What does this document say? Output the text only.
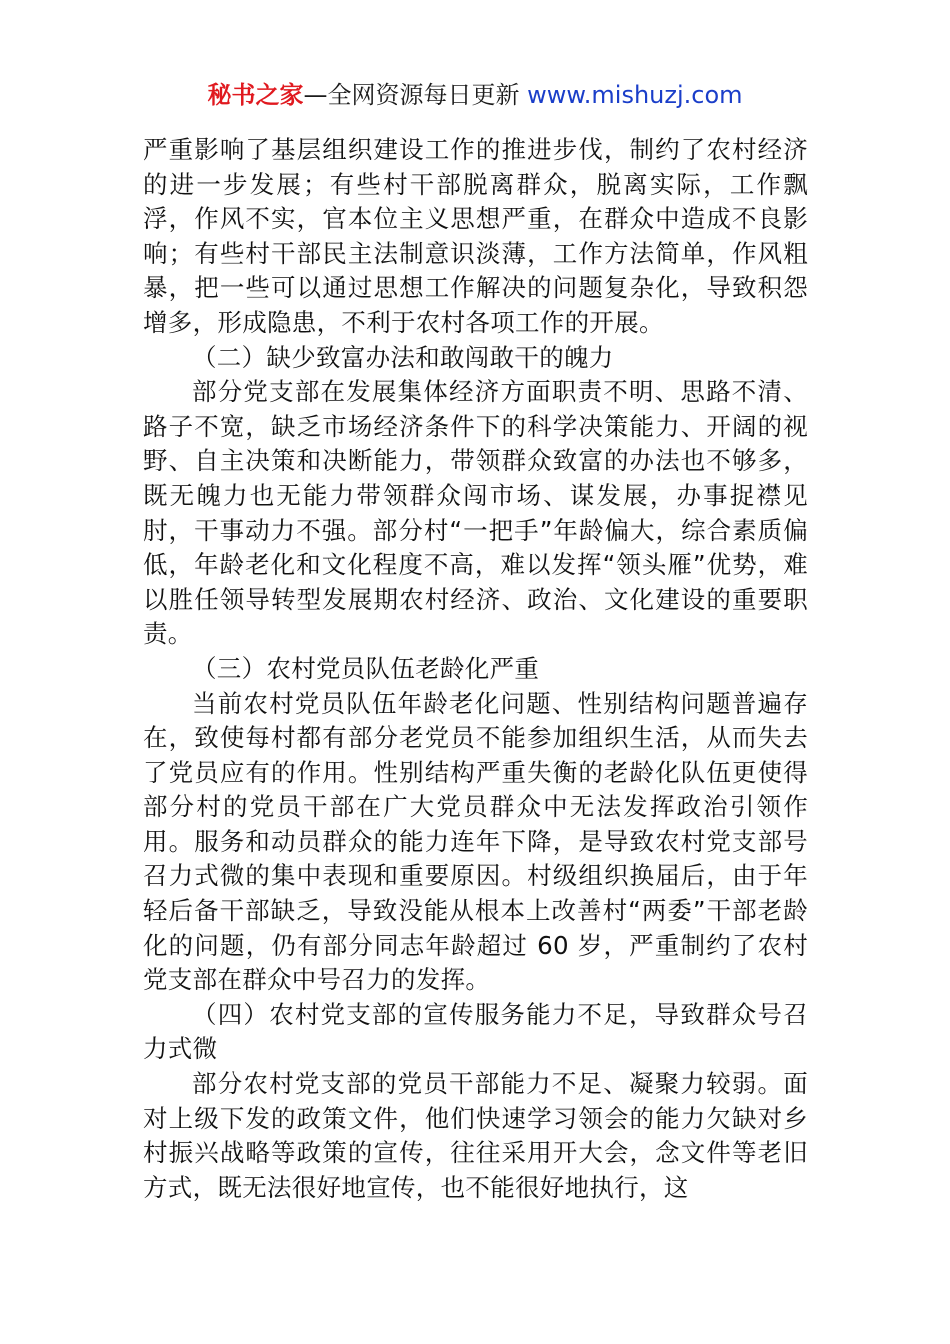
秘书之家—全网资源每日更新 www.mishuzj.com

严重影响了基层组织建设工作的推进步伐，制约了农村经济的进一步发展；有些村干部脱离群众，脱离实际，工作飘浮，作风不实，官本位主义思想严重，在群众中造成不良影响；有些村干部民主法制意识淡薄，工作方法简单，作风粗暴，把一些可以通过思想工作解决的问题复杂化，导致积怨增多，形成隐患，不利于农村各项工作的开展。

（二）缺少致富办法和敢闯敢干的魄力

部分党支部在发展集体经济方面职责不明、思路不清、路子不宽，缺乏市场经济条件下的科学决策能力、开阔的视野、自主决策和决断能力，带领群众致富的办法也不够多，既无魄力也无能力带领群众闯市场、谋发展，办事捉襟见肘，干事动力不强。部分村“一把手”年龄偏大，综合素质偏低，年龄老化和文化程度不高，难以发挥“领头雁”优势，难以胜任领导转型发展期农村经济、政治、文化建设的重要职责。

（三）农村党员队伍老龄化严重

当前农村党员队伍年龄老化问题、性别结构问题普遍存在，致使每村都有部分老党员不能参加组织生活，从而失去了党员应有的作用。性别结构严重失衡的老龄化队伍更使得部分村的党员干部在广大党员群众中无法发挥政治引领作用。服务和动员群众的能力连年下降，是导致农村党支部号召力式微的集中表现和重要原因。村级组织换届后，由于年轻后备干部缺乏，导致没能从根本上改善村“两委”干部老龄化的问题，仍有部分同志年龄超过 60 岁，严重制约了农村党支部在群众中号召力的发挥。

（四）农村党支部的宣传服务能力不足，导致群众号召力式微

部分农村党支部的党员干部能力不足、凝聚力较弱。面对上级下发的政策文件，他们快速学习领会的能力欠缺对乡村振兴战略等政策的宣传，往往采用开大会，念文件等老旧方式，既无法很好地宣传，也不能很好地执行，这
